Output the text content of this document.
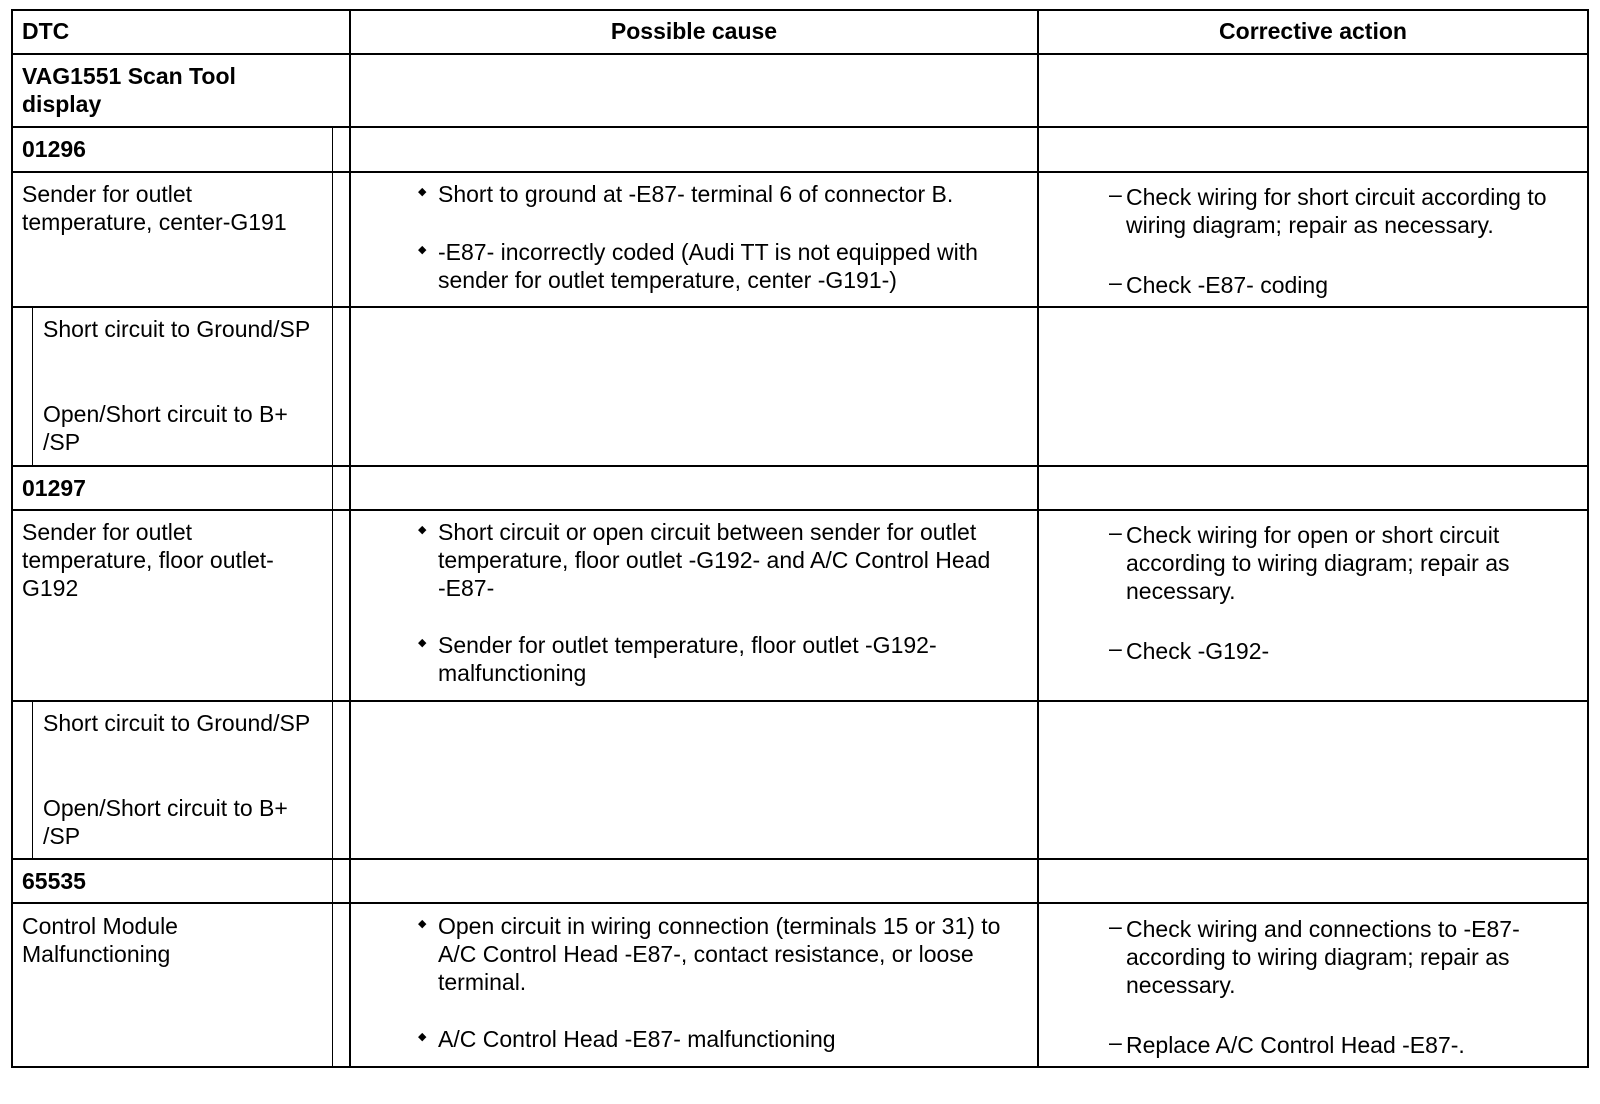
DTC	Possible cause	Corrective action
VAG1551 Scan Tool display
01296
Sender for outlet temperature, center-G191
◆ Short to ground at -E87- terminal 6 of connector B.
◆ -E87- incorrectly coded (Audi TT is not equipped with sender for outlet temperature, center -G191-)
– Check wiring for short circuit according to wiring diagram; repair as necessary.
– Check -E87- coding
Short circuit to Ground/SP
Open/Short circuit to B+ /SP
01297
Sender for outlet temperature, floor outlet-G192
◆ Short circuit or open circuit between sender for outlet temperature, floor outlet -G192- and A/C Control Head -E87-
◆ Sender for outlet temperature, floor outlet -G192- malfunctioning
– Check wiring for open or short circuit according to wiring diagram; repair as necessary.
– Check -G192-
Short circuit to Ground/SP
Open/Short circuit to B+ /SP
65535
Control Module Malfunctioning
◆ Open circuit in wiring connection (terminals 15 or 31) to A/C Control Head -E87-, contact resistance, or loose terminal.
◆ A/C Control Head -E87- malfunctioning
– Check wiring and connections to -E87- according to wiring diagram; repair as necessary.
– Replace A/C Control Head -E87-.
